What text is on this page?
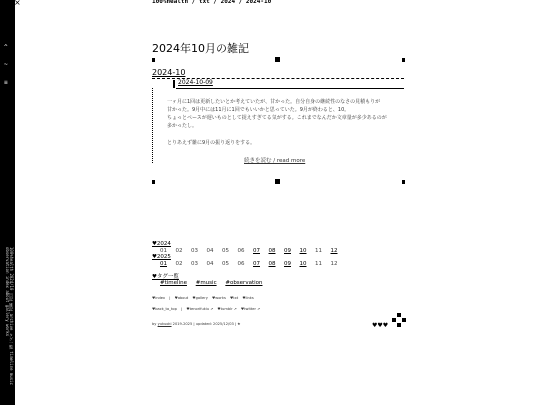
^
~
≡
100%health 2024/10 日記 雑記 archive タグ一覧 timeline music observation index about gallery works
×	100%health / txt / 2024 / 2024-10
2024年10月の雑記
2024-10
2024-10-09
一ヶ月に1回は更新したいとか考えていたが、甘かった。自分自身の継続性のなさの見積もりが
甘かった。9月中には11月に1回でもいいかと思っていた。9月が終わると、10。
ちょっとペースが遅いものとして捉えすぎてる気がする。これまでなんだか文章量が多少あるのが
多かったし。
とりあえず雑に9月の振り返りをする。
続きを読む / read more
♥2024
01 02 03 04 05 06 07 08 09 10 11 12
♥2025
01 02 03 04 05 06 07 08 09 10 11 12
♥タグ一覧
#timeline #music #observation
♥index | ♥about ♥gallery ♥works ♥txt ♥links
♥back_to_top | ♥tenorifukiu ↗ ♥tumblr ↗ ♥twitter ↗
by yukuoki 2019-2025 | updated: 2025/12/03 | ★	♥♥♥
